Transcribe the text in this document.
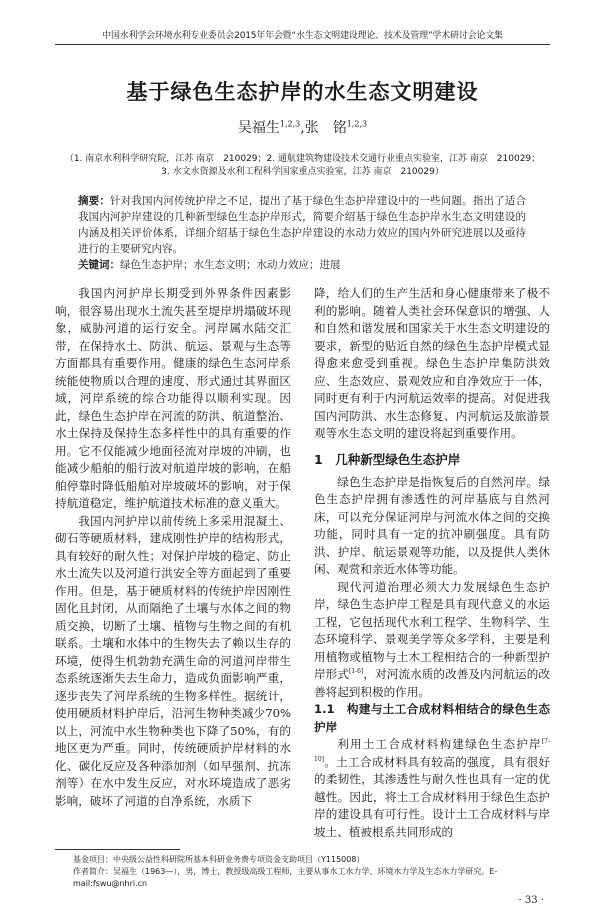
中国水利学会环境水利专业委员会2015年年会暨“水生态文明建设理论、技术及管理”学术研讨会论文集
基于绿色生态护岸的水生态文明建设
吴福生$^{1,2,3}$,张　铭$^{1,2,3}$
（1. 南京水利科学研究院，江苏 南京　210029；2. 通航建筑物建设技术交通行业重点实验室，江苏 南京　210029；
3. 水文水资源及水利工程科学国家重点实验室，江苏 南京　210029）
摘要：针对我国内河传统护岸之不足，提出了基于绿色生态护岸建设中的一些问题。指出了适合我国内河护岸建设的几种新型绿色生态护岸形式，简要介绍基于绿色生态护岸水生态文明建设的内涵及相关评价体系，详细介绍基于绿色生态护岸建设的水动力效应的国内外研究进展以及亟待进行的主要研究内容。
关键词：绿色生态护岸；水生态文明；水动力效应；进展

我国内河护岸长期受到外界条件因素影响，很容易出现水土流失甚至堤岸坍塌破坏现象，威胁河道的运行安全。河岸属水陆交汇带，在保持水土、防洪、航运、景观与生态等方面都具有重要作用。健康的绿色生态河岸系统能使物质以合理的速度、形式通过其界面区域，河岸系统的综合功能得以顺利实现。因此，绿色生态护岸在河流的防洪、航道整治、水土保持及保持生态多样性中的具有重要的作用。它不仅能减少地面径流对岸坡的冲刷，也能减少船舶的船行波对航道岸坡的影响，在船舶停靠时降低船舶对岸坡破坏的影响，对于保持航道稳定，维护航道技术标准的意义重大。

我国内河护岸以前传统上多采用混凝土、砌石等硬质材料，建成刚性护岸的结构形式，具有较好的耐久性；对保护岸坡的稳定、防止水土流失以及河道行洪安全等方面起到了重要作用。但是，基于硬质材料的传统护岸因刚性固化且封闭，从而隔绝了土壤与水体之间的物质交换，切断了土壤、植物与生物之间的有机联系。土壤和水体中的生物失去了赖以生存的环境，使得生机勃勃充满生命的河道河岸带生态系统逐渐失去生命力，造成负面影响严重，逐步丧失了河岸系统的生物多样性。据统计，使用硬质材料护岸后，沿河生物种类减少70%以上，河流中水生物种类也下降了50%，有的地区更为严重。同时，传统硬质护岸材料的水化、碳化反应及各种添加剂（如早强剂、抗冻剂等）在水中发生反应，对水环境造成了恶劣影响，破坏了河道的自净系统，水质下

降，给人们的生产生活和身心健康带来了极不利的影响。随着人类社会环保意识的增强、人和自然和谐发展和国家关于水生态文明建设的要求，新型的贴近自然的绿色生态护岸模式显得愈来愈受到重视。绿色生态护岸集防洪效应、生态效应、景观效应和自净效应于一体，同时更有利于内河航运效率的提高。对促进我国内河防洪、水生态修复、内河航运及旅游景观等水生态文明的建设将起到重要作用。

1　几种新型绿色生态护岸

绿色生态护岸是指恢复后的自然河岸。绿色生态护岸拥有渗透性的河岸基底与自然河床，可以充分保证河岸与河流水体之间的交换功能，同时具有一定的抗冲刷强度。具有防洪、护岸、航运景观等功能，以及提供人类休闲、观赏和亲近水体等功能。

现代河道治理必须大力发展绿色生态护岸，绿色生态护岸工程是具有现代意义的水运工程，它包括现代水利工程学、生物科学、生态环境科学、景观美学等众多学科，主要是利用植物或植物与土木工程相结合的一种新型护岸形式[1-6]，对河流水质的改善及内河航运的改善将起到积极的作用。

1.1　构建与土工合成材料相结合的绿色生态护岸

利用土工合成材料构建绿色生态护岸[7-10]。土工合成材料具有较高的强度，具有很好的柔韧性，其渗透性与耐久性也具有一定的优越性。因此，将土工合成材料用于绿色生态护岸的建设具有可行性。设计土工合成材料与岸坡土、植被根系共同形成的

基金项目：中央级公益性科研院所基本科研业务费专项资金支助项目（Y115008）
作者简介：吴福生（1963—），男，博士，教授级高级工程师，主要从事水工水力学、环境水力学及生态水力学研究。E-mail:fswu@nhri.cn
· 33 ·
